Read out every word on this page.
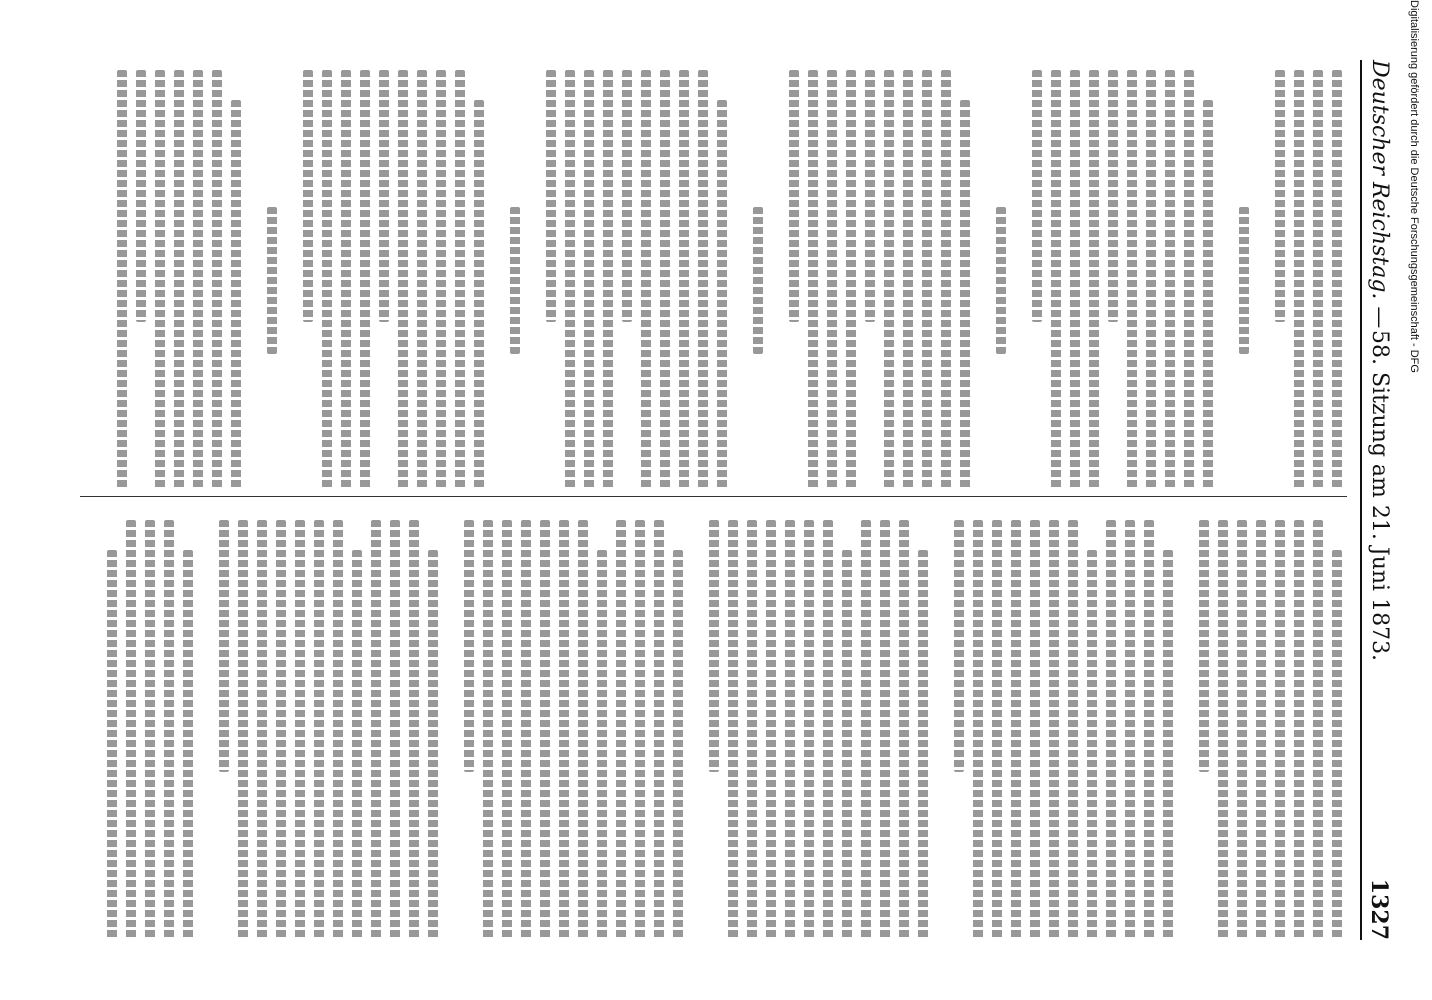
Deutscher Reichstag. —
58. Sitzung am 21. Juni 1873.
1327
Digitalisierung gefördert durch die Deutsche Forschungsgemeinschaft - DFG
